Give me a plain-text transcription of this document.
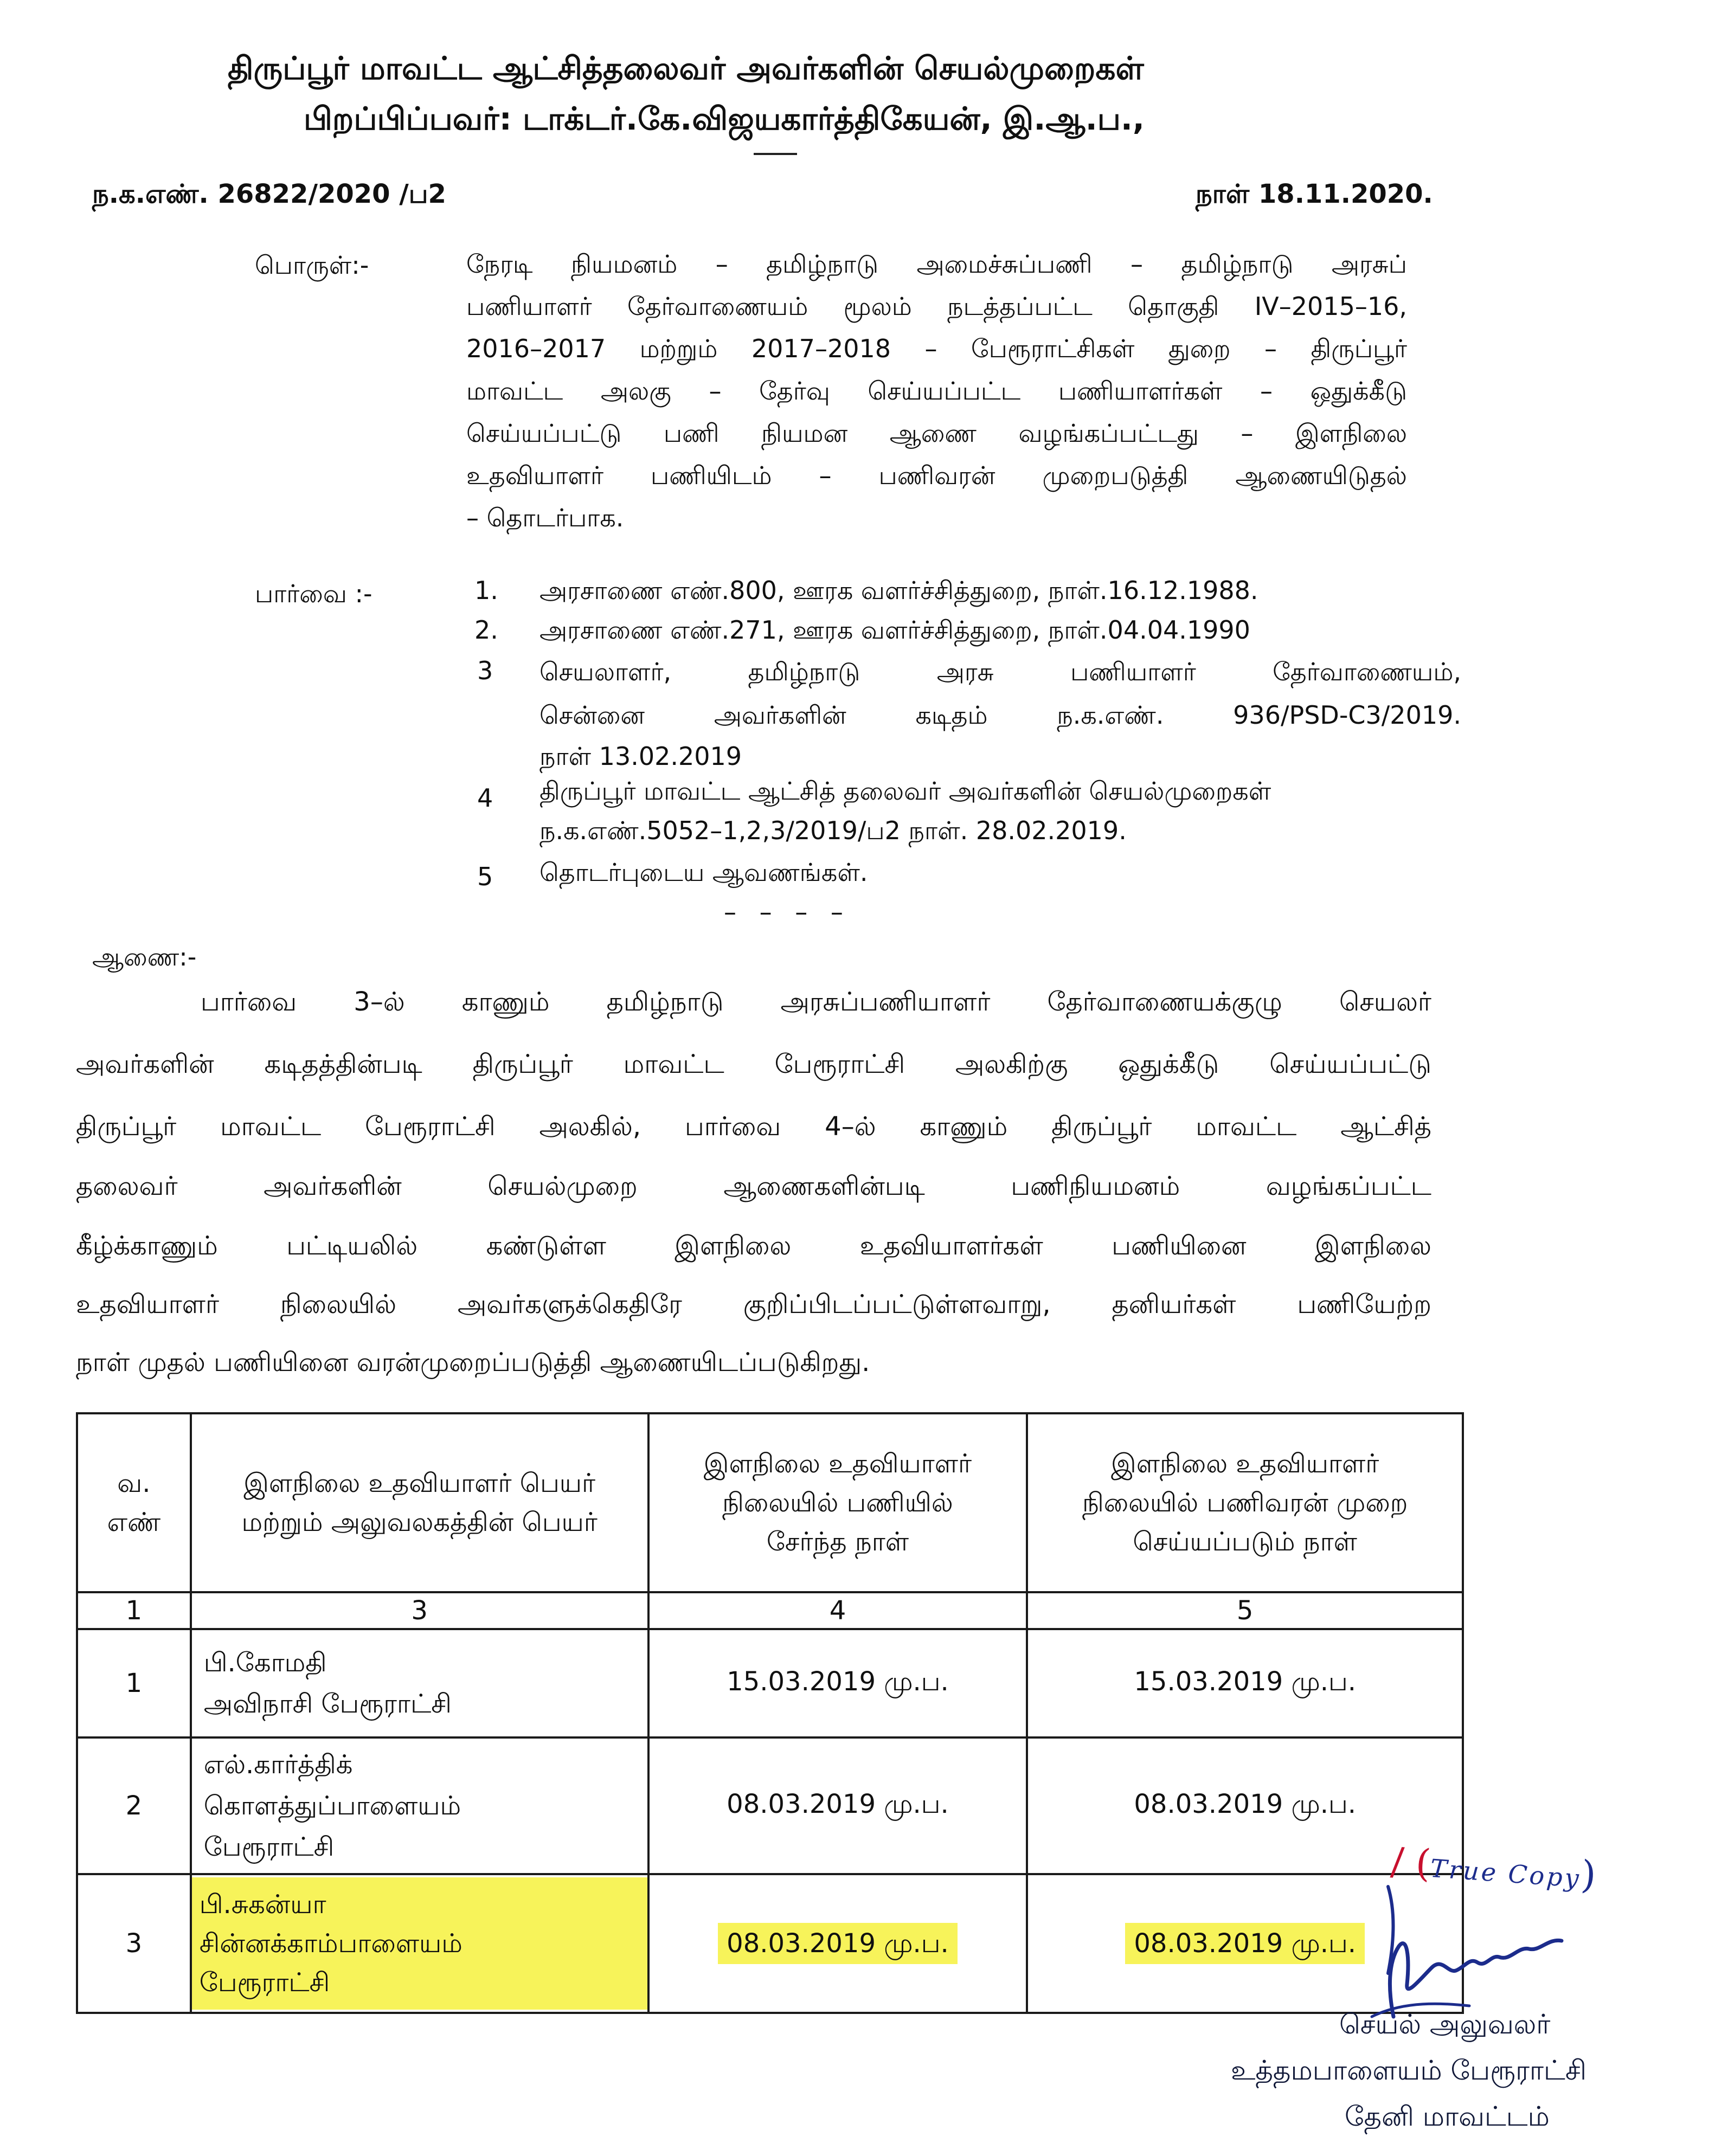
திருப்பூர் மாவட்ட ஆட்சித்தலைவர் அவர்களின் செயல்முறைகள்
பிறப்பிப்பவர்: டாக்டர்.கே.விஜயகார்த்திகேயன், இ.ஆ.ப.,
ந.க.எண். 26822/2020 /ப2	நாள் 18.11.2020.
பொருள்:-	நேரடி நியமனம் – தமிழ்நாடு அமைச்சுப்பணி – தமிழ்நாடு அரசுப்
பணியாளர் தேர்வாணையம் மூலம் நடத்தப்பட்ட தொகுதி IV–2015–16,
2016–2017 மற்றும் 2017–2018 – பேரூராட்சிகள் துறை – திருப்பூர்
மாவட்ட அலகு – தேர்வு செய்யப்பட்ட பணியாளர்கள் – ஒதுக்கீடு
செய்யப்பட்டு பணி நியமன ஆணை வழங்கப்பட்டது – இளநிலை
உதவியாளர் பணியிடம் – பணிவரன் முறைபடுத்தி ஆணையிடுதல்
– தொடர்பாக.
பார்வை :-	1. அரசாணை எண்.800, ஊரக வளர்ச்சித்துறை, நாள்.16.12.1988.
2. அரசாணை எண்.271, ஊரக வளர்ச்சித்துறை, நாள்.04.04.1990
3 செயலாளர், தமிழ்நாடு அரசு பணியாளர் தேர்வாணையம்,
சென்னை அவர்களின் கடிதம் ந.க.எண். 936/PSD-C3/2019.
நாள் 13.02.2019
4 திருப்பூர் மாவட்ட ஆட்சித் தலைவர் அவர்களின் செயல்முறைகள்
ந.க.எண்.5052–1,2,3/2019/ப2 நாள். 28.02.2019.
5 தொடர்புடைய ஆவணங்கள்.
– – – –
ஆணை:-
பார்வை 3–ல் காணும் தமிழ்நாடு அரசுப்பணியாளர் தேர்வாணையக்குழு செயலர்
அவர்களின் கடிதத்தின்படி திருப்பூர் மாவட்ட பேரூராட்சி அலகிற்கு ஒதுக்கீடு செய்யப்பட்டு
திருப்பூர் மாவட்ட பேரூராட்சி அலகில், பார்வை 4–ல் காணும் திருப்பூர் மாவட்ட ஆட்சித்
தலைவர் அவர்களின் செயல்முறை ஆணைகளின்படி பணிநியமனம் வழங்கப்பட்ட
கீழ்க்காணும் பட்டியலில் கண்டுள்ள இளநிலை உதவியாளர்கள் பணியினை இளநிலை
உதவியாளர் நிலையில் அவர்களுக்கெதிரே குறிப்பிடப்பட்டுள்ளவாறு, தனியர்கள் பணியேற்ற
நாள் முதல் பணியினை வரன்முறைப்படுத்தி ஆணையிடப்படுகிறது.
வ. எண்	இளநிலை உதவியாளர் பெயர் மற்றும் அலுவலகத்தின் பெயர்	இளநிலை உதவியாளர் நிலையில் பணியில் சேர்ந்த நாள்	இளநிலை உதவியாளர் நிலையில் பணிவரன் முறை செய்யப்படும் நாள்
1	3	4	5
1	பி.கோமதி
அவிநாசி பேரூராட்சி	15.03.2019 மு.ப.	15.03.2019 மு.ப.
2	எல்.கார்த்திக்
கொளத்துப்பாளையம்
பேரூராட்சி	08.03.2019 மு.ப.	08.03.2019 மு.ப.
3	பி.சுகன்யா
சின்னக்காம்பாளையம்
பேரூராட்சி	08.03.2019 மு.ப.	08.03.2019 மு.ப.
/ (True Copy)
செயல் அலுவலர்
உத்தமபாளையம் பேரூராட்சி
தேனி மாவட்டம்
